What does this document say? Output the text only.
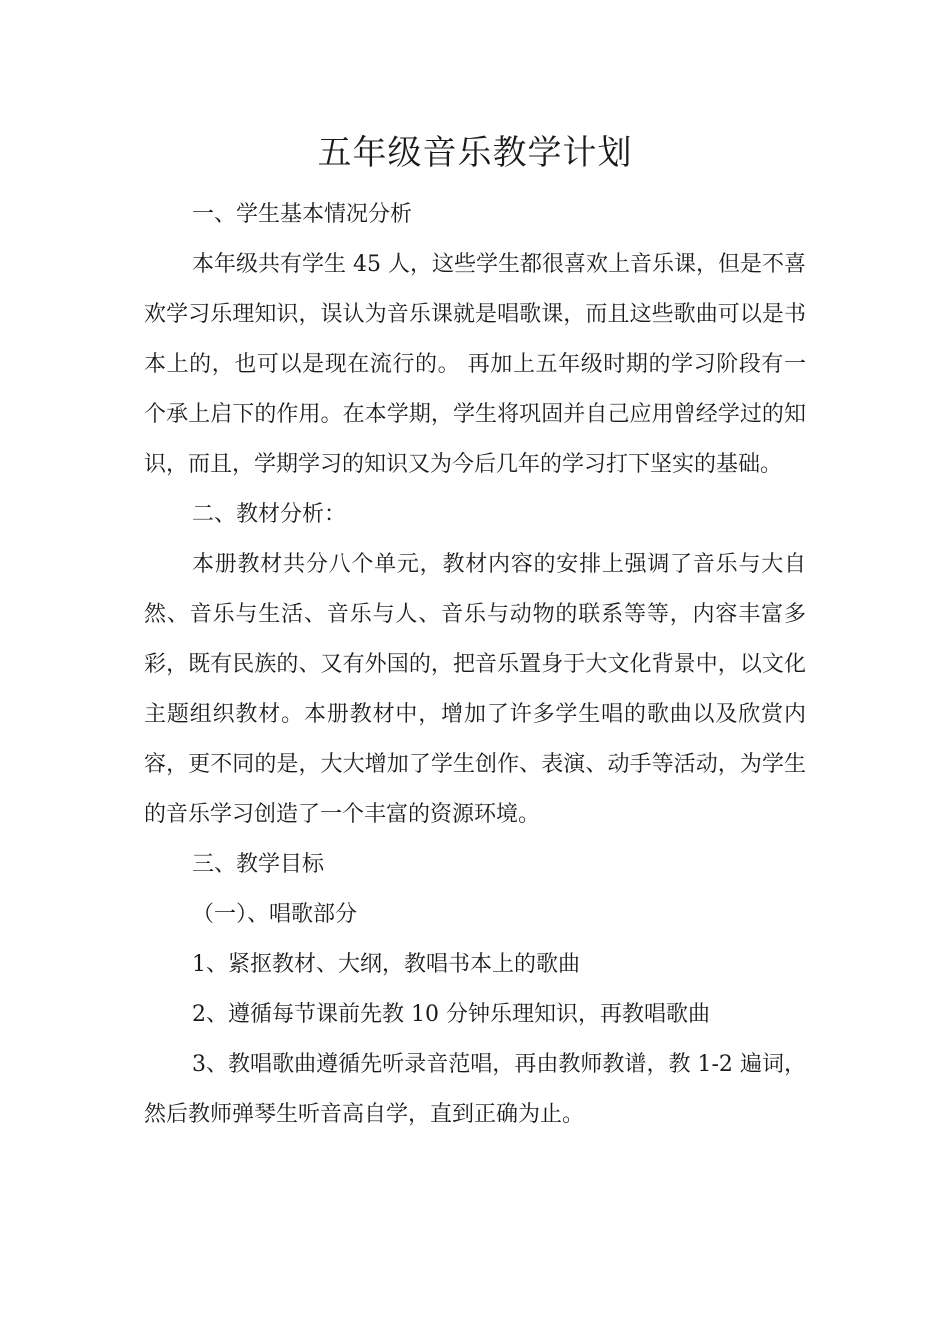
五年级音乐教学计划

一、学生基本情况分析

本年级共有学生 45 人，这些学生都很喜欢上音乐课，但是不喜欢学习乐理知识，误认为音乐课就是唱歌课，而且这些歌曲可以是书本上的，也可以是现在流行的。 再加上五年级时期的学习阶段有一个承上启下的作用。在本学期，学生将巩固并自己应用曾经学过的知识，而且，学期学习的知识又为今后几年的学习打下坚实的基础。

二、教材分析：

本册教材共分八个单元，教材内容的安排上强调了音乐与大自然、音乐与生活、音乐与人、音乐与动物的联系等等，内容丰富多彩，既有民族的、又有外国的，把音乐置身于大文化背景中，以文化主题组织教材。本册教材中，增加了许多学生唱的歌曲以及欣赏内容，更不同的是，大大增加了学生创作、表演、动手等活动，为学生的音乐学习创造了一个丰富的资源环境。

三、教学目标

（一）、唱歌部分

1、紧抠教材、大纲，教唱书本上的歌曲

2、遵循每节课前先教 10 分钟乐理知识，再教唱歌曲

3、教唱歌曲遵循先听录音范唱，再由教师教谱，教 1-2 遍词，然后教师弹琴生听音高自学，直到正确为止。
